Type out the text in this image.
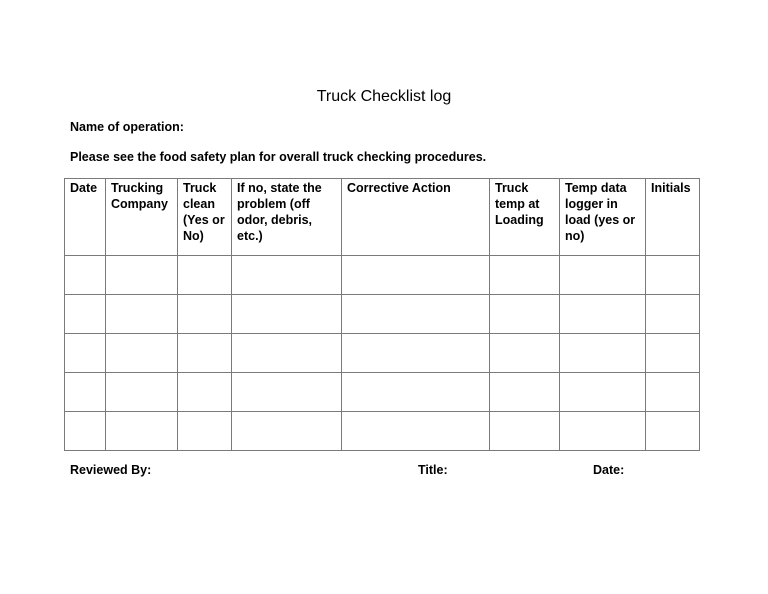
Truck Checklist log
Name of operation:
Please see the food safety plan for overall truck checking procedures.
Date	Trucking Company	Truck clean (Yes or No)	If no, state the problem (off odor, debris, etc.)	Corrective Action	Truck temp at Loading	Temp data logger in load (yes or no)	Initials

Reviewed By:	Title:	Date:
